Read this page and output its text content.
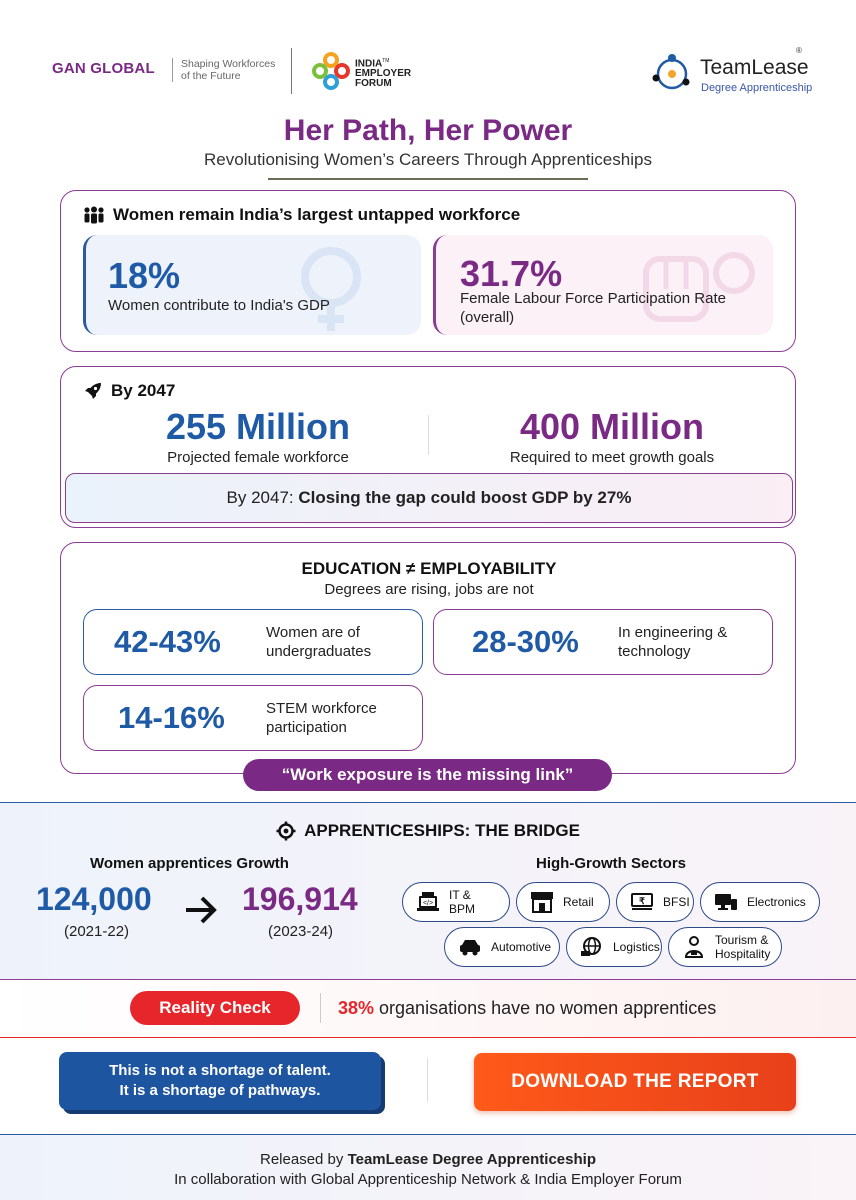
GAN GLOBAL Shaping Workforces
of the Future
INDIA™
EMPLOYER
FORUM
TeamLease
Degree Apprenticeship
®
Her Path, Her Power
Revolutionising Women’s Careers Through Apprenticeships
Women remain India’s largest untapped workforce
18%
Women contribute to India's GDP
31.7%
Female Labour Force Participation Rate
(overall)
By 2047
255 Million
Projected female workforce
400 Million
Required to meet growth goals
By 2047: Closing the gap could boost GDP by 27%
EDUCATION ≠ EMPLOYABILITY
Degrees are rising, jobs are not
42-43%	Women are of
undergraduates	28-30%	In engineering &
technology
14-16%	STEM workforce
participation
“Work exposure is the missing link”
APPRENTICESHIPS: THE BRIDGE
Women apprentices Growth
124,000
(2021-22)
196,914
(2023-24)
High-Growth Sectors
</>
IT & BPM	Retail	₹ BFSI	Electronics
Automotive	Logistics	Tourism &
Hospitality
Reality Check	38% organisations have no women apprentices
This is not a shortage of talent.
It is a shortage of pathways.	DOWNLOAD THE REPORT
Released by TeamLease Degree Apprenticeship
In collaboration with Global Apprenticeship Network & India Employer Forum
